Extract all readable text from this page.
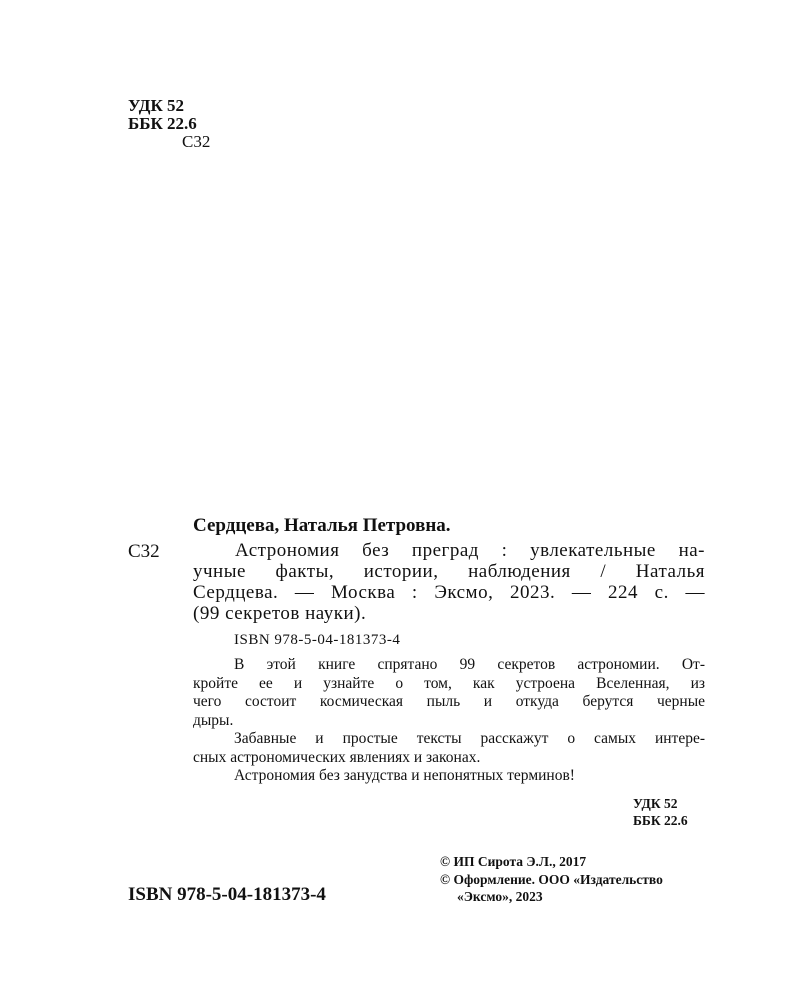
УДК 52
ББК 22.6
С32
Сердцева, Наталья Петровна.
С32	Астрономия без преград : увлекательные на-
учные факты, истории, наблюдения / Наталья
Сердцева. — Москва : Эксмо, 2023. — 224 с. —
(99 секретов науки).
ISBN 978-5-04-181373-4
В этой книге спрятано 99 секретов астрономии. От-
кройте ее и узнайте о том, как устроена Вселенная, из
чего состоит космическая пыль и откуда берутся черные
дыры.
Забавные и простые тексты расскажут о самых интере-
сных астрономических явлениях и законах.
Астрономия без занудства и непонятных терминов!
УДК 52
ББК 22.6
© ИП Сирота Э.Л., 2017
© Оформление. ООО «Издательство
«Эксмо», 2023
ISBN 978-5-04-181373-4
